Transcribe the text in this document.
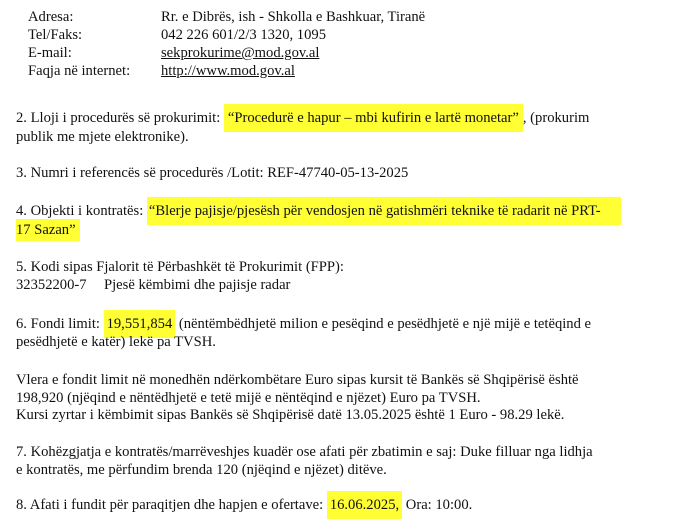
Adresa:	Rr. e Dibrës, ish - Shkolla e Bashkuar, Tiranë
Tel/Faks:	042 226 601/2/3 1320, 1095
E-mail:	sekprokurime@mod.gov.al
Faqja në internet: http://www.mod.gov.al
2. Lloji i procedurës së prokurimit: “Procedurë e hapur – mbi kufirin e lartë monetar” , (prokurim
publik me mjete elektronike).
3. Numri i referencës së procedurës /Lotit: REF-47740-05-13-2025
4. Objekti i kontratës: “Blerje pajisje/pjesësh për vendosjen në gatishmëri teknike të radarit në PRT-
17 Sazan”
5. Kodi sipas Fjalorit të Përbashkët të Prokurimit (FPP):
32352200-7 Pjesë këmbimi dhe pajisje radar
6. Fondi limit: 19,551,854 (nëntëmbëdhjetë milion e pesëqind e pesëdhjetë e një mijë e tetëqind e
pesëdhjetë e katër) lekë pa TVSH.
Vlera e fondit limit në monedhën ndërkombëtare Euro sipas kursit të Bankës së Shqipërisë është
198,920 (njëqind e nëntëdhjetë e tetë mijë e nëntëqind e njëzet) Euro pa TVSH.
Kursi zyrtar i këmbimit sipas Bankës së Shqipërisë datë 13.05.2025 është 1 Euro - 98.29 lekë.
7. Kohëzgjatja e kontratës/marrëveshjes kuadër ose afati për zbatimin e saj: Duke filluar nga lidhja
e kontratës, me përfundim brenda 120 (njëqind e njëzet) ditëve.
8. Afati i fundit për paraqitjen dhe hapjen e ofertave: 16.06.2025, Ora: 10:00.
